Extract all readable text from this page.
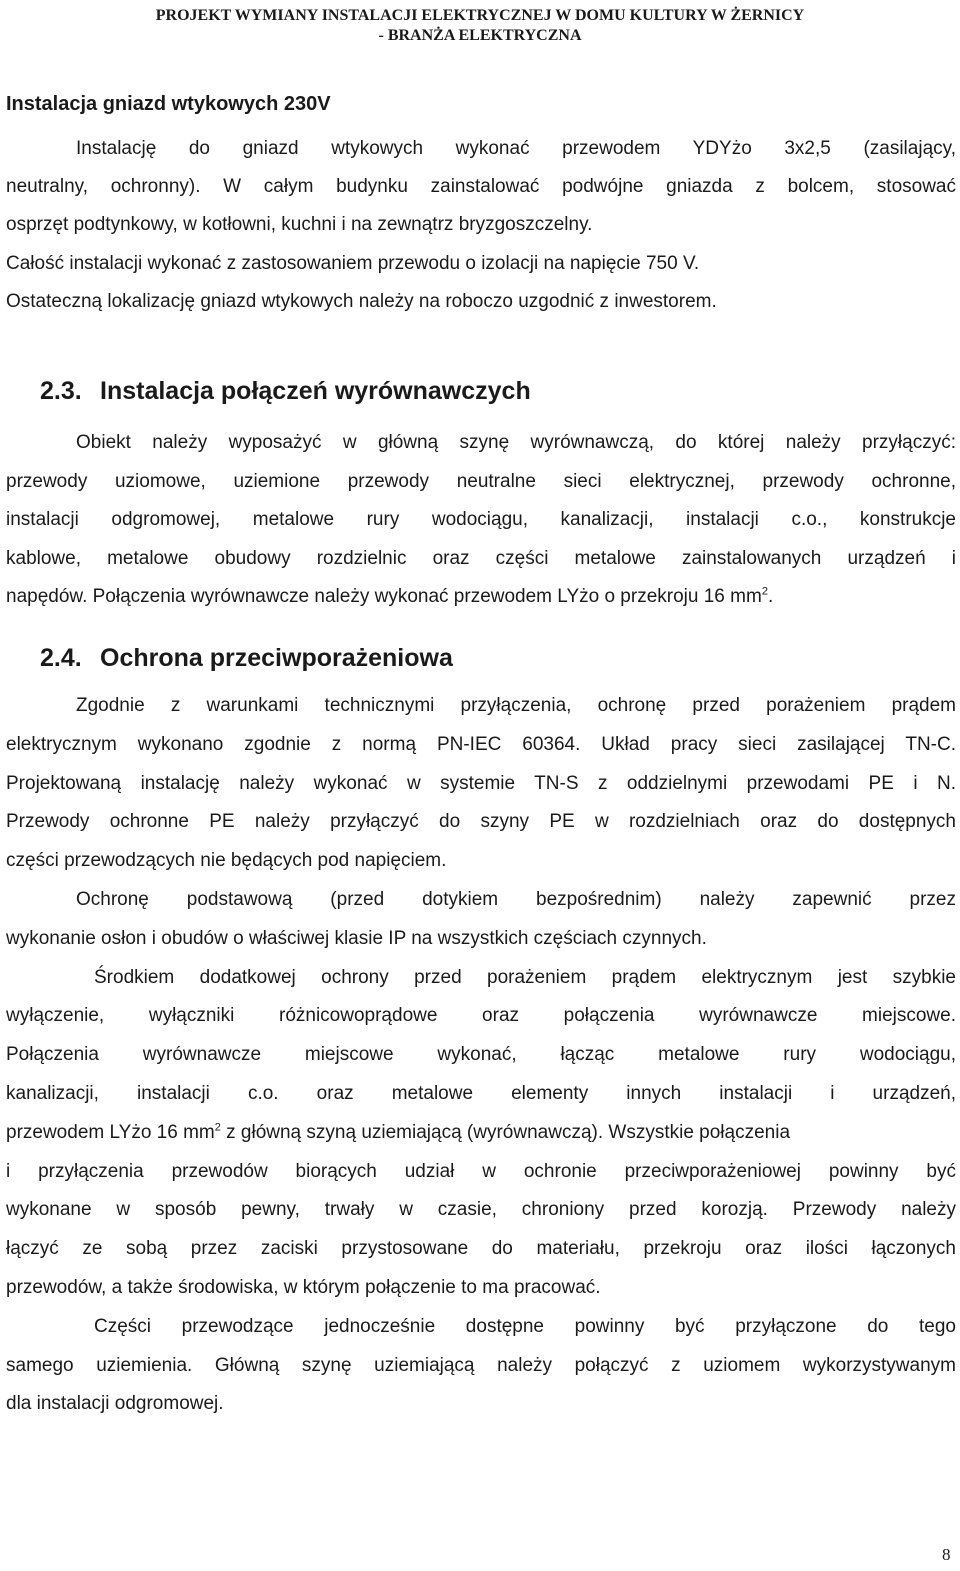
PROJEKT WYMIANY INSTALACJI ELEKTRYCZNEJ W DOMU KULTURY W ŻERNICY
- BRANŻA ELEKTRYCZNA
Instalacja gniazd wtykowych 230V

Instalację do gniazd wtykowych wykonać przewodem YDYżo 3x2,5 (zasilający,

neutralny, ochronny). W całym budynku zainstalować podwójne gniazda z bolcem, stosować

osprzęt podtynkowy, w kotłowni, kuchni i na zewnątrz bryzgoszczelny.

Całość instalacji wykonać z zastosowaniem przewodu o izolacji na napięcie 750 V.

Ostateczną lokalizację gniazd wtykowych należy na roboczo uzgodnić z inwestorem.

2.3. Instalacja połączeń wyrównawczych

Obiekt należy wyposażyć w główną szynę wyrównawczą, do której należy przyłączyć:

przewody uziomowe, uziemione przewody neutralne sieci elektrycznej, przewody ochronne,

instalacji odgromowej, metalowe rury wodociągu, kanalizacji, instalacji c.o., konstrukcje

kablowe, metalowe obudowy rozdzielnic oraz części metalowe zainstalowanych urządzeń i

napędów. Połączenia wyrównawcze należy wykonać przewodem LYżo o przekroju 16 $mm^2$.

2.4. Ochrona przeciwporażeniowa

Zgodnie z warunkami technicznymi przyłączenia, ochronę przed porażeniem prądem

elektrycznym wykonano zgodnie z normą PN-IEC 60364. Układ pracy sieci zasilającej TN-C.

Projektowaną instalację należy wykonać w systemie TN-S z oddzielnymi przewodami PE i N.

Przewody ochronne PE należy przyłączyć do szyny PE w rozdzielniach oraz do dostępnych

części przewodzących nie będących pod napięciem.

Ochronę podstawową (przed dotykiem bezpośrednim) należy zapewnić przez

wykonanie osłon i obudów o właściwej klasie IP na wszystkich częściach czynnych.

Środkiem dodatkowej ochrony przed porażeniem prądem elektrycznym jest szybkie

wyłączenie, wyłączniki różnicowoprądowe oraz połączenia wyrównawcze miejscowe.

Połączenia wyrównawcze miejscowe wykonać, łącząc metalowe rury wodociągu,

kanalizacji, instalacji c.o. oraz metalowe elementy innych instalacji i urządzeń,

przewodem LYżo 16 $mm^2$ z główną szyną uziemiającą (wyrównawczą). Wszystkie połączenia

i przyłączenia przewodów biorących udział w ochronie przeciwporażeniowej powinny być

wykonane w sposób pewny, trwały w czasie, chroniony przed korozją. Przewody należy

łączyć ze sobą przez zaciski przystosowane do materiału, przekroju oraz ilości łączonych

przewodów, a także środowiska, w którym połączenie to ma pracować.

Części przewodzące jednocześnie dostępne powinny być przyłączone do tego

samego uziemienia. Główną szynę uziemiającą należy połączyć z uziomem wykorzystywanym

dla instalacji odgromowej.

8
